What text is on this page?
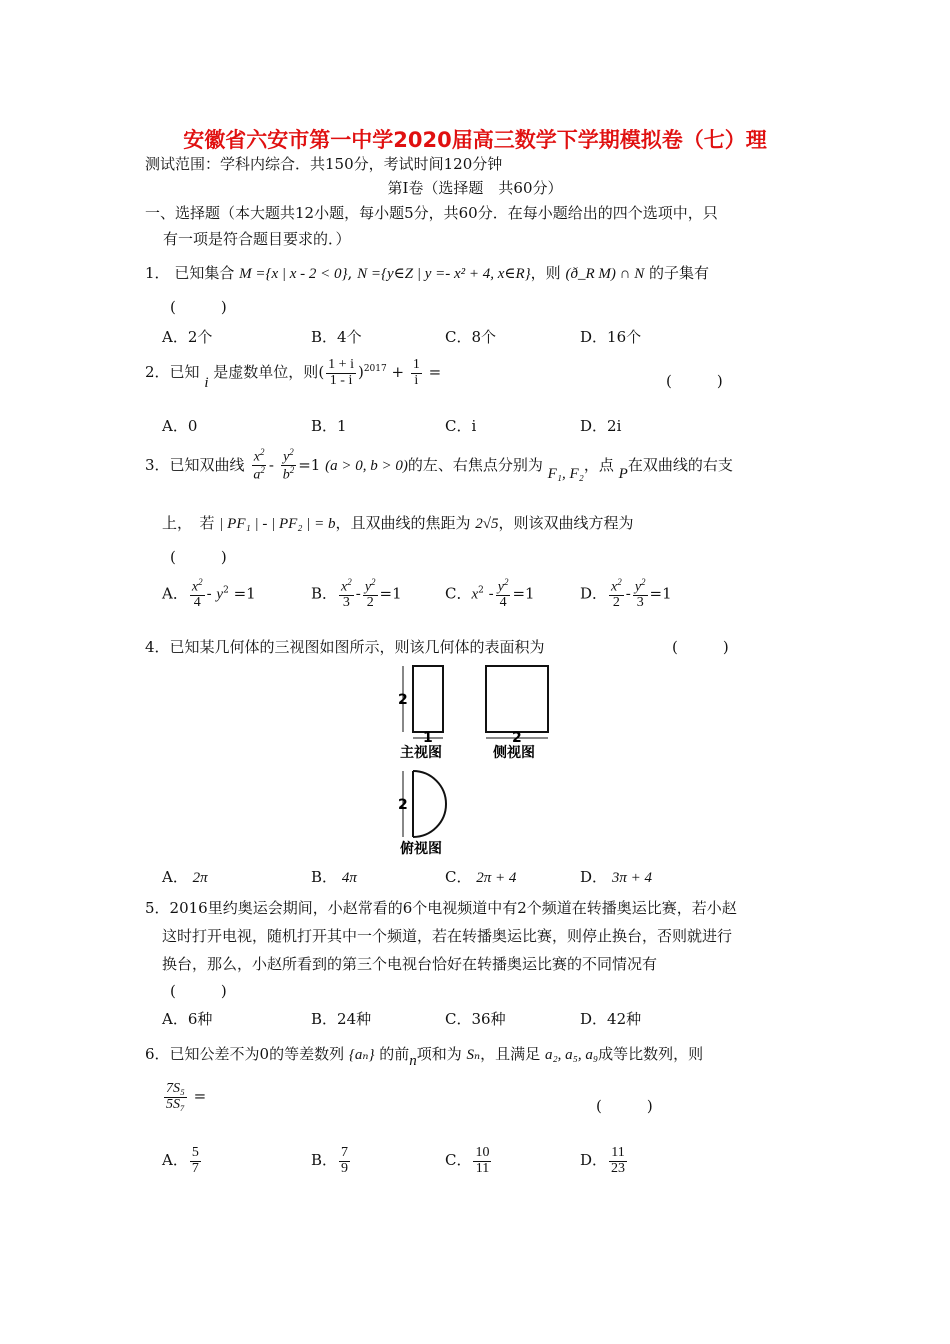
安徽省六安市第一中学2020届高三数学下学期模拟卷（七）理
测试范围：学科内综合．共150分，考试时间120分钟
第Ⅰ卷（选择题　共60分）
一、选择题（本大题共12小题，每小题5分，共60分．在每小题给出的四个选项中，只
有一项是符合题目要求的．）
1． 已知集合 M ={x | x - 2 < 0}, N ={y∈Z | y =- x² + 4, x∈R}，则 (ð_R M) ∩ N 的子集有
(　　　)
A．2个	B．4个	C．8个	D．16个
2．已知 i 是虚数单位，则( $\frac{1 + i}{1 - i} )^{2017} + \frac{1}{i}$ =	(　　　)
A．0	B．1	C．i	D．2i
3．已知双曲线 $\frac{x^2}{a^2} - \frac{y^2}{b^2} =1$ (a > 0, b > 0)的左、右焦点分别为 F₁, F₂，点 P在双曲线的右支
上，　若 | PF₁ | - | PF₂ | = b，且双曲线的焦距为 2√5，则该双曲线方程为
(　　　)
A． $\frac{x^2}{4} - y^2 =1$	B． $\frac{x^2}{3} - \frac{y^2}{2} =1$	C．$x^2 - \frac{y^2}{4} =1$	D． $\frac{x^2}{2} - \frac{y^2}{3} =1$
4．已知某几何体的三视图如图所示，则该几何体的表面积为	(　　　)
2
1	2
2
主视图	侧视图
俯视图
A． 2π	B． 4π	C． 2π + 4	D． 3π + 4
5．2016里约奥运会期间，小赵常看的6个电视频道中有2个频道在转播奥运比赛，若小赵
这时打开电视，随机打开其中一个频道，若在转播奥运比赛，则停止换台，否则就进行
换台，那么，小赵所看到的第三个电视台恰好在转播奥运比赛的不同情况有
(　　　)
A．6种	B．24种	C．36种	D．42种
6．已知公差不为0的等差数列 {aₙ} 的前n项和为 Sₙ，且满足 a₂, a₅, a₉成等比数列，则
$\frac{\text{7S₅}}{\text{5S₇}}$ =
(　　　)
A． $\frac{5}{7}$	B． $\frac{7}{9}$	C． $\frac{10}{11}$	D． $\frac{11}{23}$
